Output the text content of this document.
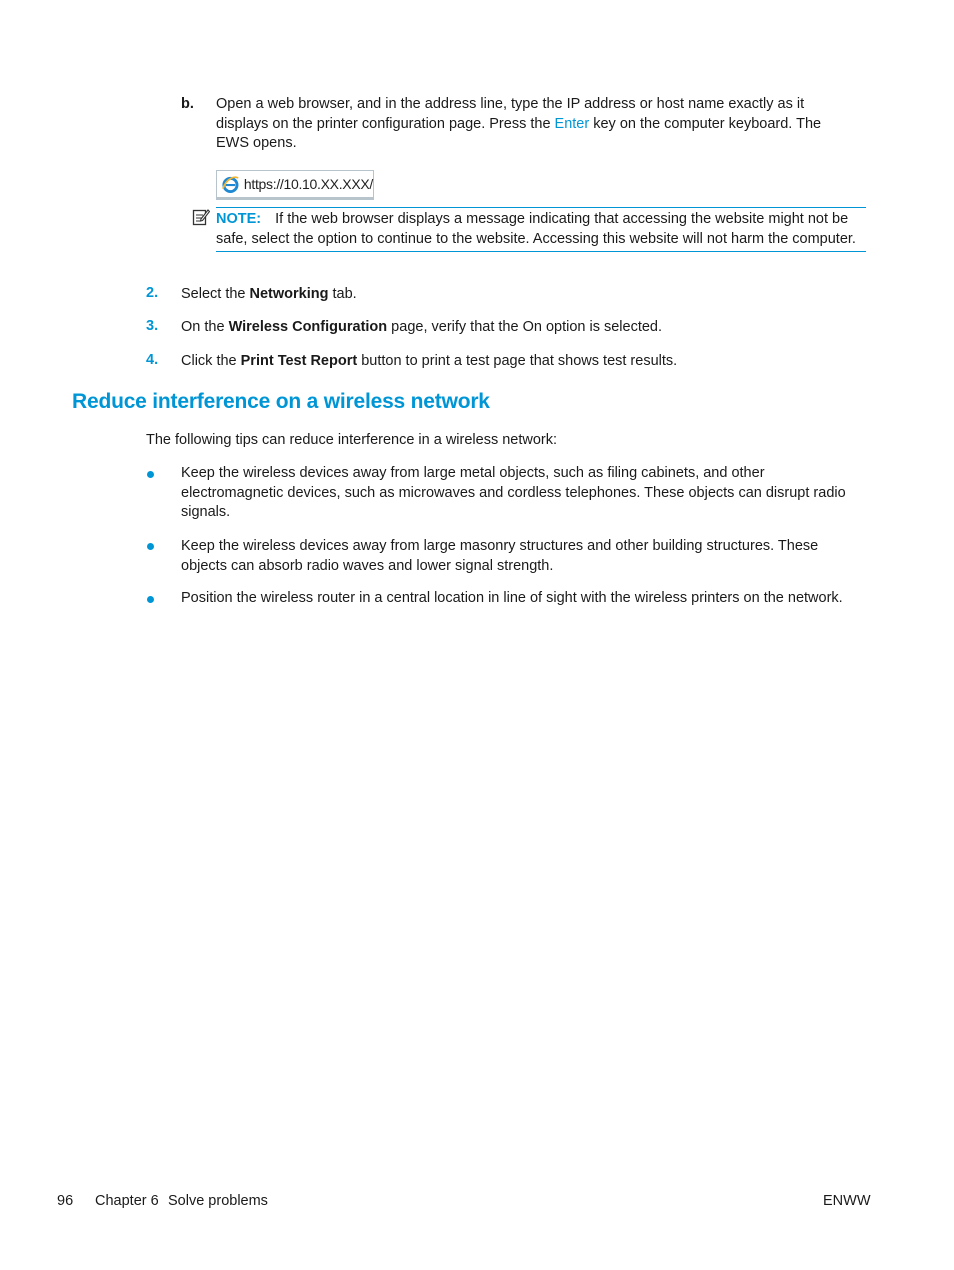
b. Open a web browser, and in the address line, type the IP address or host name exactly as it displays on the printer configuration page. Press the Enter key on the computer keyboard. The EWS opens.
https://10.10.XX.XXX/
NOTE: If the web browser displays a message indicating that accessing the website might not be safe, select the option to continue to the website. Accessing this website will not harm the computer.
2. Select the Networking tab.
3. On the Wireless Configuration page, verify that the On option is selected.
4. Click the Print Test Report button to print a test page that shows test results.
Reduce interference on a wireless network
The following tips can reduce interference in a wireless network:
Keep the wireless devices away from large metal objects, such as filing cabinets, and other electromagnetic devices, such as microwaves and cordless telephones. These objects can disrupt radio signals.
Keep the wireless devices away from large masonry structures and other building structures. These objects can absorb radio waves and lower signal strength.
Position the wireless router in a central location in line of sight with the wireless printers on the network.
96 Chapter 6 Solve problems	ENWW
